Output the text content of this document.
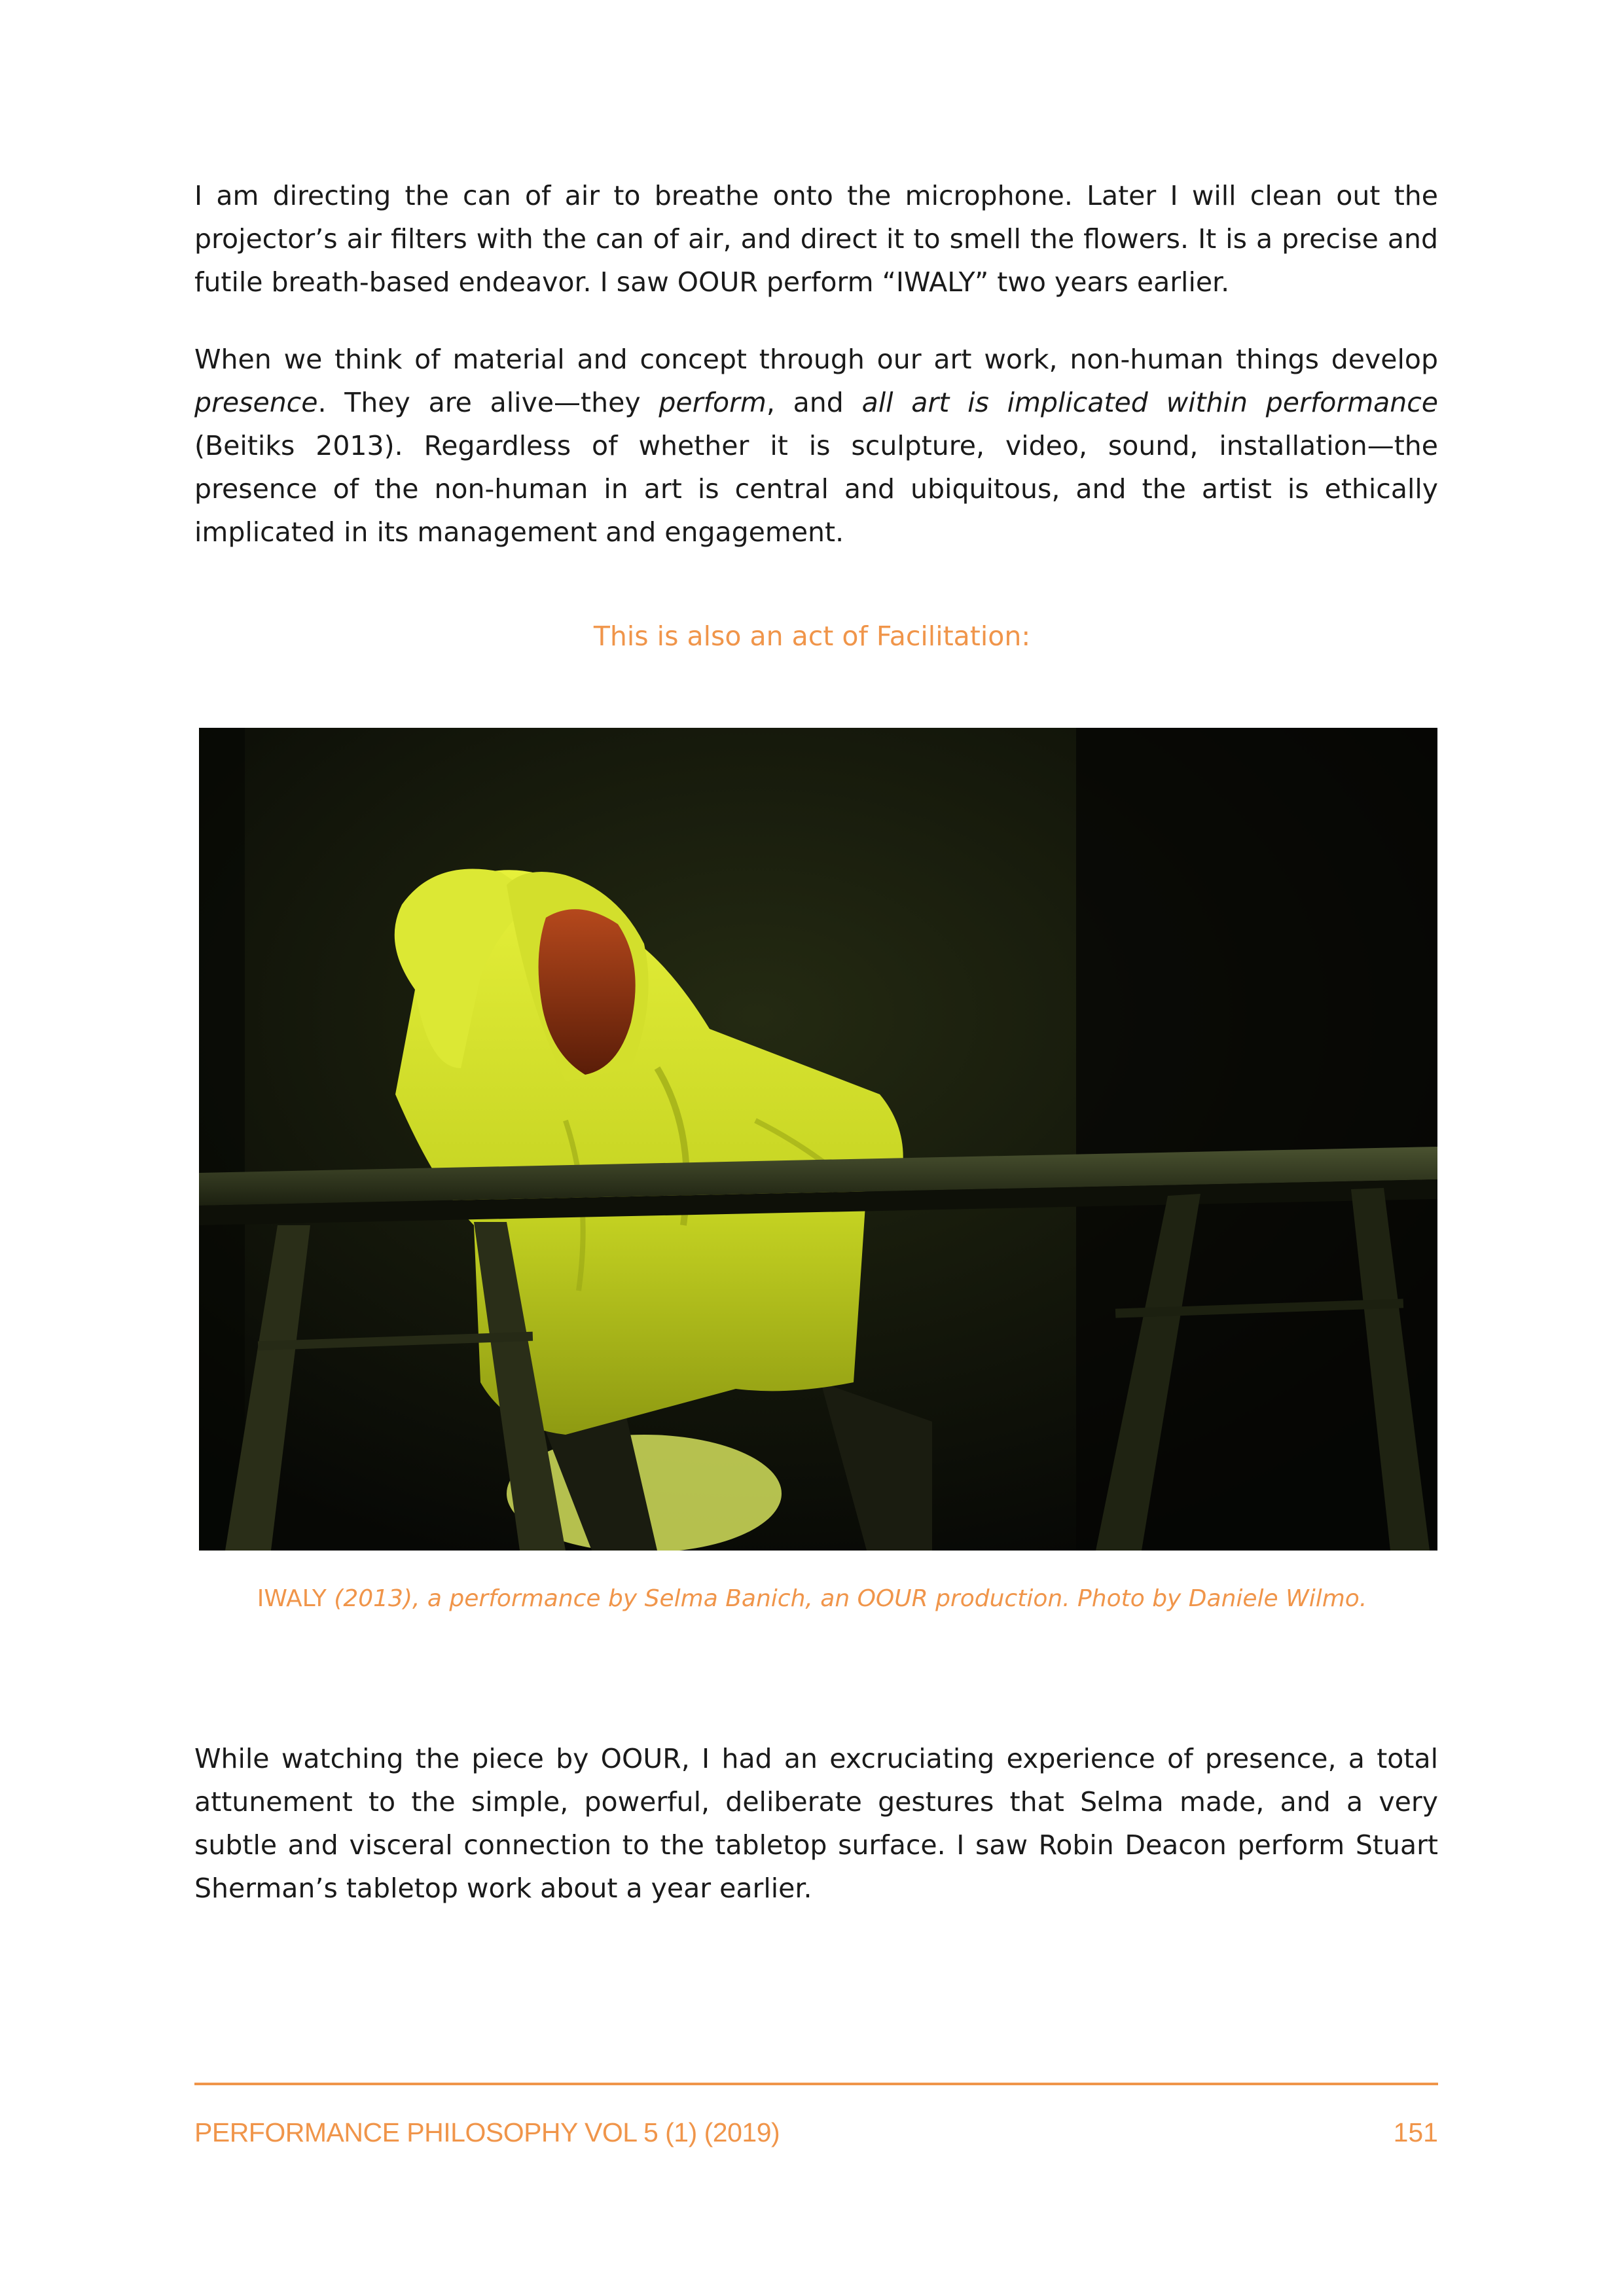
I am directing the can of air to breathe onto the microphone. Later I will clean out the projector’s air filters with the can of air, and direct it to smell the flowers. It is a precise and futile breath-based endeavor. I saw OOUR perform “IWALY” two years earlier.

When we think of material and concept through our art work, non-human things develop presence. They are alive—they perform, and all art is implicated within performance (Beitiks 2013). Regardless of whether it is sculpture, video, sound, installation—the presence of the non-human in art is central and ubiquitous, and the artist is ethically implicated in its management and engagement.

This is also an act of Facilitation:

IWALY (2013), a performance by Selma Banich, an OOUR production. Photo by Daniele Wilmo.

While watching the piece by OOUR, I had an excruciating experience of presence, a total attunement to the simple, powerful, deliberate gestures that Selma made, and a very subtle and visceral connection to the tabletop surface. I saw Robin Deacon perform Stuart Sherman’s tabletop work about a year earlier.

PERFORMANCE PHILOSOPHY VOL 5 (1) (2019)	151
